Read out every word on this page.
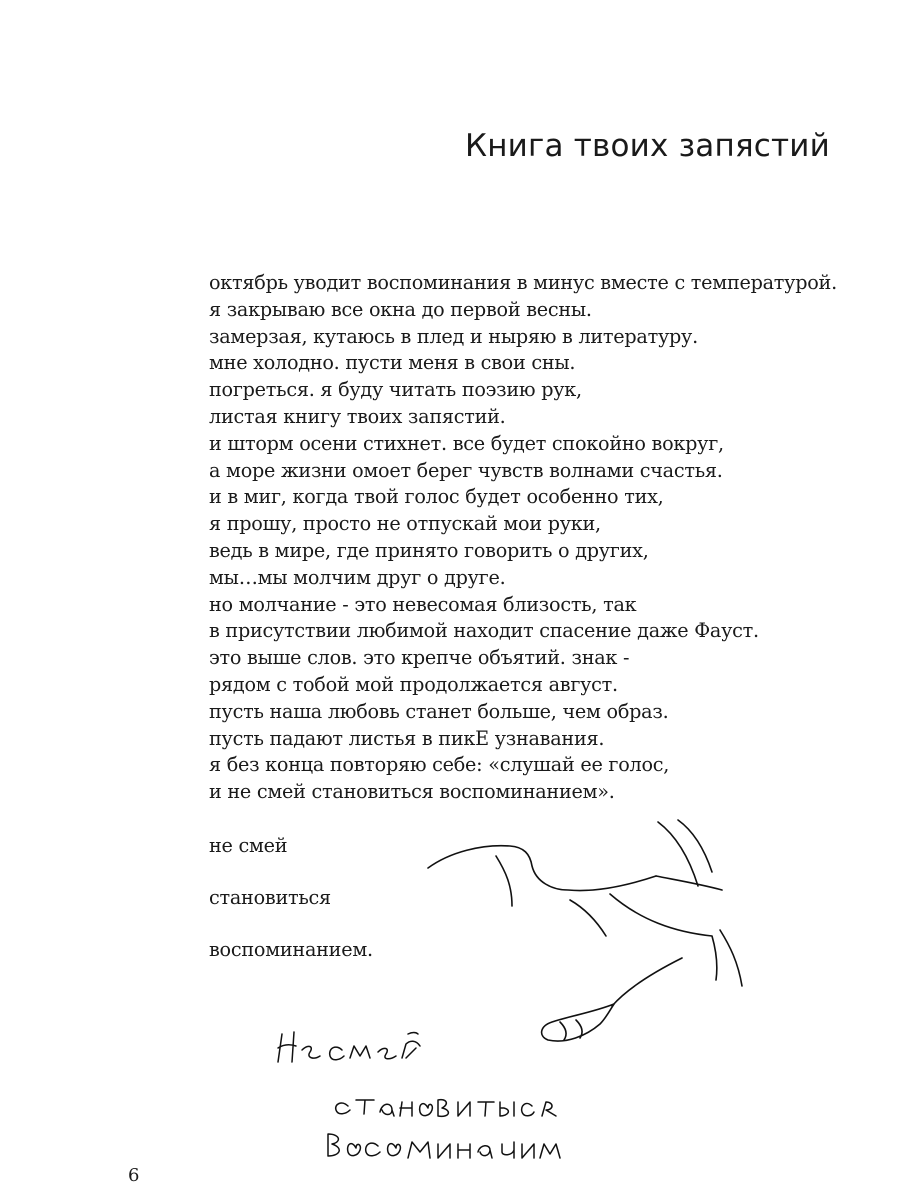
Книга твоих запястий
октябрь уводит воспоминания в минус вместе с температурой.
я закрываю все окна до первой весны.
замерзая, кутаюсь в плед и ныряю в литературу.
мне холодно. пусти меня в свои сны.
погреться. я буду читать поэзию рук,
листая книгу твоих запястий.
и шторм осени стихнет. все будет спокойно вокруг,
а море жизни омоет берег чувств волнами счастья.
и в миг, когда твой голос будет особенно тих,
я прошу, просто не отпускай мои руки,
ведь в мире, где принято говорить о других,
мы…мы молчим друг о друге.
но молчание - это невесомая близость, так
в присутствии любимой находит спасение даже Фауст.
это выше слов. это крепче объятий. знак -
рядом с тобой мой продолжается август.
пусть наша любовь станет больше, чем образ.
пусть падают листья в пикЕ узнавания.
я без конца повторяю себе: «слушай ее голос,
и не смей становиться воспоминанием».
не смей
становиться
воспоминанием.
6
